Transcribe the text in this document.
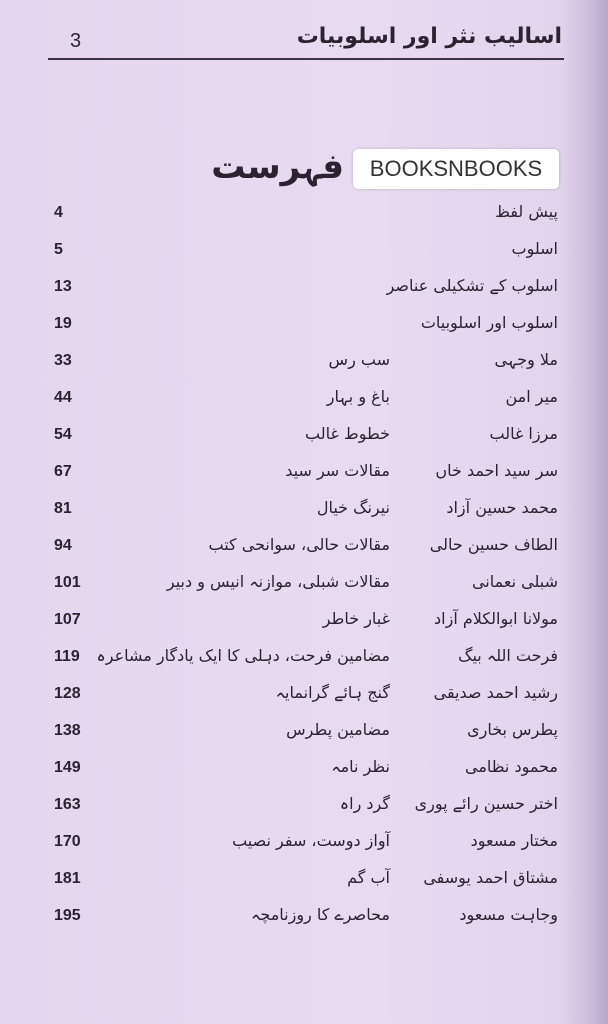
3	اسالیب نثر اور اسلوبیات
فہرست	BOOKSNBOOKS
پیش لفظ
4
اسلوب
5
اسلوب کے تشکیلی عناصر
13
اسلوب اور اسلوبیات
19
ملا وجہی
سب رس
33
میر امن
باغ و بہار
44
مرزا غالب
خطوط غالب
54
سر سید احمد خاں
مقالات سر سید
67
محمد حسین آزاد
نیرنگ خیال
81
الطاف حسین حالی
مقالات حالی، سوانحی کتب
94
شبلی نعمانی
مقالات شبلی، موازنہ انیس و دبیر
101
مولانا ابوالکلام آزاد
غبار خاطر
107
فرحت اللہ بیگ
مضامین فرحت، دہلی کا ایک یادگار مشاعرہ
119
رشید احمد صدیقی
گنج ہائے گرانمایہ
128
پطرس بخاری
مضامین پطرس
138
محمود نظامی
نظر نامہ
149
اختر حسین رائے پوری
گرد راہ
163
مختار مسعود
آواز دوست، سفر نصیب
170
مشتاق احمد یوسفی
آب گم
181
وجاہت مسعود
محاصرے کا روزنامچہ
195
